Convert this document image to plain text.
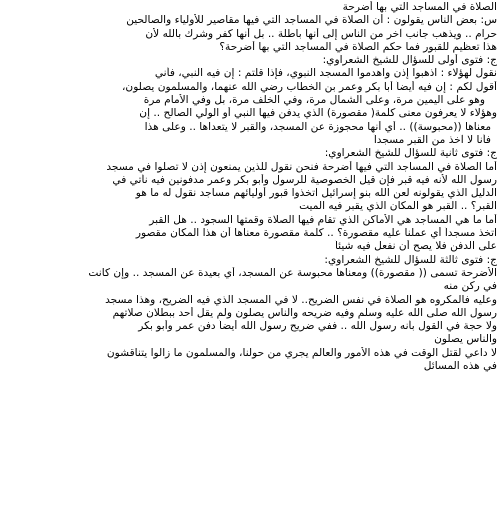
الصلاة في المساجد التي بها أضرحة
س: بعض الناس يقولون : أن الصلاة في المساجد التي فيها مقاصير للأولياء والصالحين
حرام .. ويذهب جانب آخر من الناس إلى أنها باطلة .. بل أنها كفر وشرك بالله لأن
هذا تعظيم للقبور فما حكم الصلاة في المساجد التي بها أضرحة؟
ج: فتوى أولى للسؤال للشيخ الشعراوي:
نقول لهؤلاء : اذهبوا إذن واهدموا المسجد النبوي، فإذا قلتم : إن فيه النبي، فأني
أقول لكم : إن فيه أيضاً أبا بكر وعمر بن الخطاب رضي الله عنهما، والمسلمون يصلون،
وهو على اليمين مرة، وعلى الشمال مرة، وفي الخلف مرة، بل وفي الأمام مرة
وهؤلاء لا يعرفون معنى كلمة( مقصورة) الذي يدفن فيها النبي أو الولي الصالح .. إن
معناها ((محبوسة)) .. أي أنها محجوزة عن المسجد، والقبر لا يتعداها .. وعلى هذا
فأنا لا آخذ من القبر مسجداً
ج: فتوى ثانية للسؤال للشيخ الشعراوي:
أما الصلاة في المساجد التي فيها أضرحة فنحن نقول للذين يمنعون إذن لا تصلوا في مسجد
رسول الله لأنه فيه قبر فإن قيل الخصوصية للرسول وأبو بكر وعمر مدفونين فيه نأتي في
الدليل الذي يقولونه لعن الله بنو إسرائيل اتخذوا قبور أوليائهم مساجد نقول له ما هو
القبر؟ .. القبر هو المكان الذي يقبر فيه الميت
أما ما هي المساجد هي الأماكن الذي تقام فيها الصلاة وقمتها السجود .. هل القبر
اتخذ مسجداً أي عملنا عليه مقصورة؟ .. كلمة مقصورة معناها أن هذا المكان مقصور
على الدفن فلا يصح أن نفعل فيه شيئاً
ج: فتوى ثالثة للسؤال للشيخ الشعراوي:
الأضرحة تسمى (( مقصورة)) ومعناها محبوسة عن المسجد، أي بعيدة عن المسجد .. وإن كانت
في ركن منه
وعليه فالمكروه هو الصلاة في نفس الضريح.. لا في المسجد الذي فيه الضريح، وهذا مسجد
رسول الله صلى الله عليه وسلم وفيه ضريحه والناس يصلون ولم يقل أحد ببطلان صلاتهم
ولا حجة في القول بأنه رسول الله .. ففي ضريح رسول الله أيضاً دفن عمر وأبو بكر
والناس يصلون
لا داعي لقتل الوقت في هذه الأمور والعالم يجري من حولنا، والمسلمون ما زالوا يتناقشون
في هذه المسائل
